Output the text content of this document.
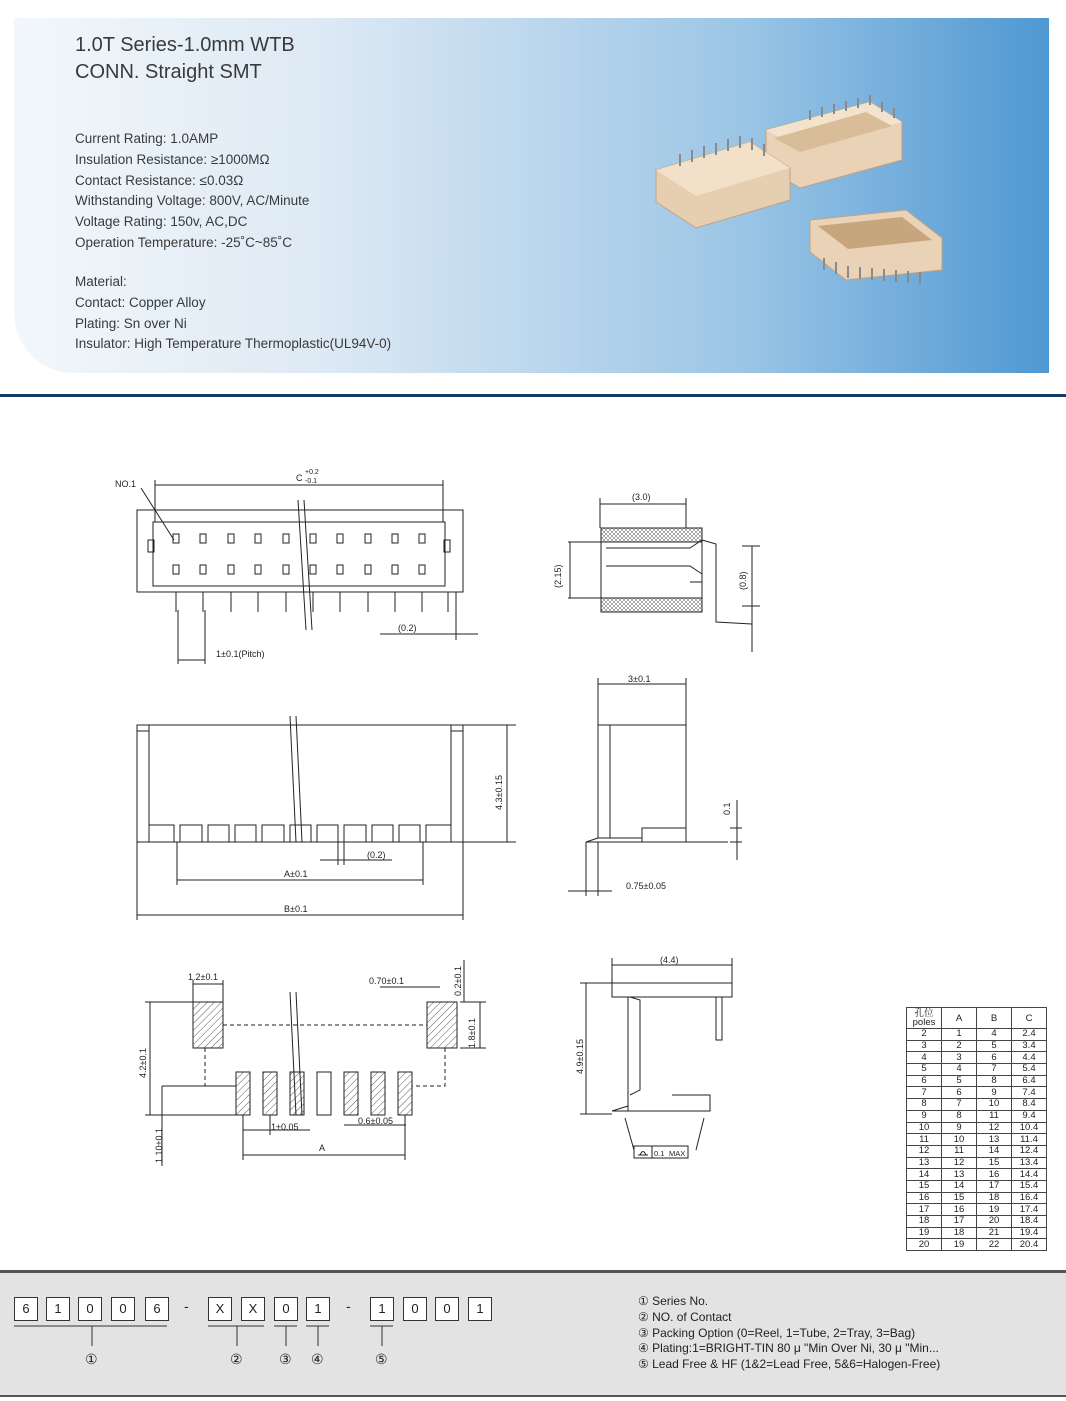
1.0T Series-1.0mm WTB
CONN. Straight SMT
Current Rating: 1.0AMP
Insulation Resistance: ≥1000MΩ
Contact Resistance: ≤0.03Ω
Withstanding Voltage: 800V, AC/Minute
Voltage Rating: 150v, AC,DC
Operation Temperature: -25˚C~85˚C
Material:
Contact: Copper Alloy
Plating: Sn over Ni
Insulator: High Temperature Thermoplastic(UL94V-0)
NO.1
C
+0.2
-0.1
(0.2)
1±0.1(Pitch)
(3.0)
(2.15)	(0.8)
4.3±0.15
(0.2)
A±0.1
B±0.1
3±0.1
0.1
0.75±0.05
1.2±0.1	0.70±0.1	0.2±0.1
1.8±0.1
4.2±0.1
1.10±0.1
1±0.05
0.6±0.05
A
(4.4)
4.9±0.15
0.1 MAX
孔位
poles	A	B	C
2	1	4	2.4
3	2	5	3.4
4	3	6	4.4
5	4	7	5.4
6	5	8	6.4
7	6	9	7.4
8	7	10	8.4
9	8	11	9.4
10	9	12	10.4
11	10	13	11.4
12	11	14	12.4
13	12	15	13.4
14	13	16	14.4
15	14	17	15.4
16	15	18	16.4
17	16	19	17.4
18	17	20	18.4
19	18	21	19.4
20	19	22	20.4
6	1	0	0	6	-	X	X	0	1	-	1	0	0	1
①	②	③ ④	⑤
① Series No.
② NO. of Contact
③ Packing Option (0=Reel, 1=Tube, 2=Tray, 3=Bag)
④ Plating:1=BRIGHT-TIN 80 μ "Min Over Ni, 30 μ "Min...
⑤ Lead Free & HF (1&2=Lead Free, 5&6=Halogen-Free)
